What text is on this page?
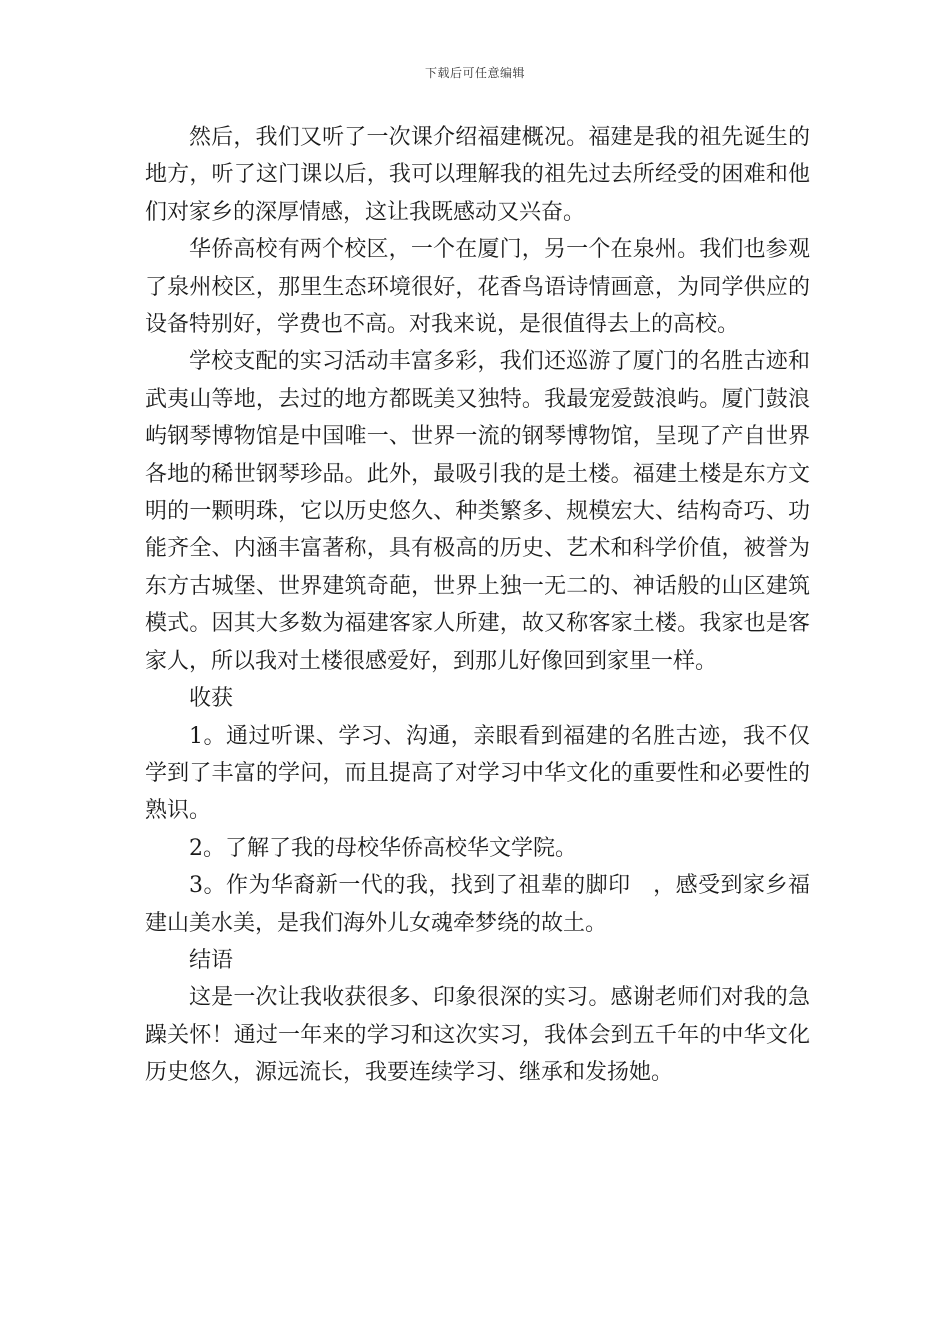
下载后可任意编辑

然后，我们又听了一次课介绍福建概况。福建是我的祖先诞生的地方，听了这门课以后，我可以理解我的祖先过去所经受的困难和他们对家乡的深厚情感，这让我既感动又兴奋。

华侨高校有两个校区，一个在厦门，另一个在泉州。我们也参观了泉州校区，那里生态环境很好，花香鸟语诗情画意，为同学供应的设备特别好，学费也不高。对我来说，是很值得去上的高校。

学校支配的实习活动丰富多彩，我们还巡游了厦门的名胜古迹和武夷山等地，去过的地方都既美又独特。我最宠爱鼓浪屿。厦门鼓浪屿钢琴博物馆是中国唯一、世界一流的钢琴博物馆，呈现了产自世界各地的稀世钢琴珍品。此外，最吸引我的是土楼。福建土楼是东方文明的一颗明珠，它以历史悠久、种类繁多、规模宏大、结构奇巧、功能齐全、内涵丰富著称，具有极高的历史、艺术和科学价值，被誉为东方古城堡、世界建筑奇葩，世界上独一无二的、神话般的山区建筑模式。因其大多数为福建客家人所建，故又称客家土楼。我家也是客家人，所以我对土楼很感爱好，到那儿好像回到家里一样。

收获

1。通过听课、学习、沟通，亲眼看到福建的名胜古迹，我不仅学到了丰富的学问，而且提高了对学习中华文化的重要性和必要性的熟识。

2。了解了我的母校华侨高校华文学院。

3。作为华裔新一代的我，找到了祖辈的脚印　，感受到家乡福建山美水美，是我们海外儿女魂牵梦绕的故土。

结语

这是一次让我收获很多、印象很深的实习。感谢老师们对我的急躁关怀！通过一年来的学习和这次实习，我体会到五千年的中华文化历史悠久，源远流长，我要连续学习、继承和发扬她。
